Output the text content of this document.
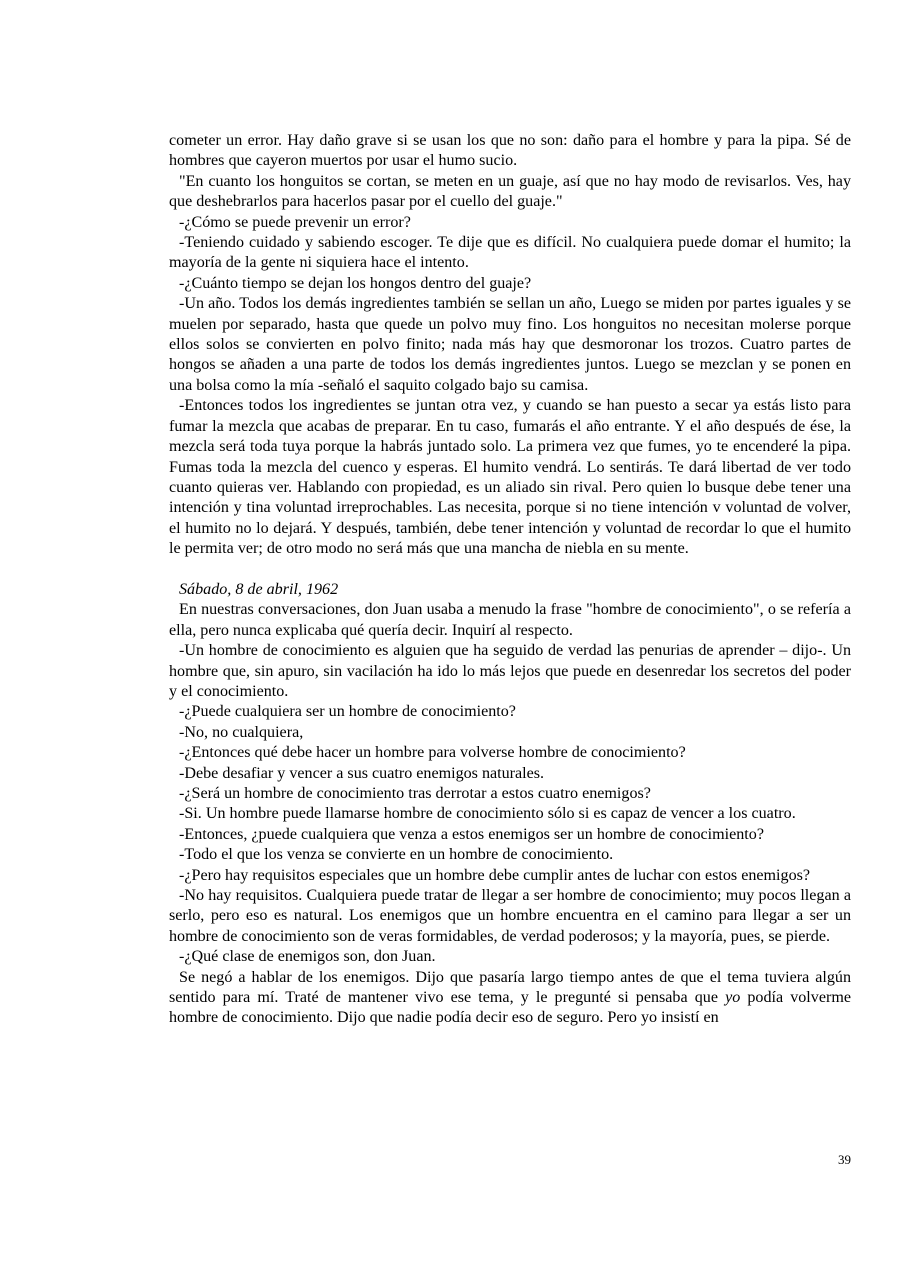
cometer un error. Hay daño grave si se usan los que no son: daño para el hombre y para la pipa. Sé de hombres que cayeron muertos por usar el humo sucio.

"En cuanto los honguitos se cortan, se meten en un guaje, así que no hay modo de revisarlos. Ves, hay que deshebrarlos para hacerlos pasar por el cuello del guaje."

-¿Cómo se puede prevenir un error?

-Teniendo cuidado y sabiendo escoger. Te dije que es difícil. No cualquiera puede domar el humito; la mayoría de la gente ni siquiera hace el intento.

-¿Cuánto tiempo se dejan los hongos dentro del guaje?

-Un año. Todos los demás ingredientes también se sellan un año, Luego se miden por partes iguales y se muelen por separado, hasta que quede un polvo muy fino. Los honguitos no necesitan molerse porque ellos solos se convierten en polvo finito; nada más hay que desmoronar los trozos. Cuatro partes de hongos se añaden a una parte de todos los demás ingredientes juntos. Luego se mezclan y se ponen en una bolsa como la mía -señaló el saquito colgado bajo su camisa.

-Entonces todos los ingredientes se juntan otra vez, y cuando se han puesto a secar ya estás listo para fumar la mezcla que acabas de preparar. En tu caso, fumarás el año entrante. Y el año después de ése, la mezcla será toda tuya porque la habrás juntado solo. La primera vez que fumes, yo te encenderé la pipa. Fumas toda la mezcla del cuenco y esperas. El humito vendrá. Lo sentirás. Te dará libertad de ver todo cuanto quieras ver. Hablando con propiedad, es un aliado sin rival. Pero quien lo busque debe tener una intención y tina voluntad irreprochables. Las necesita, porque si no tiene intención v voluntad de volver, el humito no lo dejará. Y después, también, debe tener intención y voluntad de recordar lo que el humito le permita ver; de otro modo no será más que una mancha de niebla en su mente.

Sábado, 8 de abril, 1962

En nuestras conversaciones, don Juan usaba a menudo la frase "hombre de conocimiento", o se refería a ella, pero nunca explicaba qué quería decir. Inquirí al respecto.

-Un hombre de conocimiento es alguien que ha seguido de verdad las penurias de aprender – dijo-. Un hombre que, sin apuro, sin vacilación ha ido lo más lejos que puede en desenredar los secretos del poder y el conocimiento.

-¿Puede cualquiera ser un hombre de conocimiento?

-No, no cualquiera,

-¿Entonces qué debe hacer un hombre para volverse hombre de conocimiento?

-Debe desafiar y vencer a sus cuatro enemigos naturales.

-¿Será un hombre de conocimiento tras derrotar a estos cuatro enemigos?

-Si. Un hombre puede llamarse hombre de conocimiento sólo si es capaz de vencer a los cuatro.

-Entonces, ¿puede cualquiera que venza a estos enemigos ser un hombre de conocimiento?

-Todo el que los venza se convierte en un hombre de conocimiento.

-¿Pero hay requisitos especiales que un hombre debe cumplir antes de luchar con estos enemigos?

-No hay requisitos. Cualquiera puede tratar de llegar a ser hombre de conocimiento; muy pocos llegan a serlo, pero eso es natural. Los enemigos que un hombre encuentra en el camino para llegar a ser un hombre de conocimiento son de veras formidables, de verdad poderosos; y la mayoría, pues, se pierde.

-¿Qué clase de enemigos son, don Juan.

Se negó a hablar de los enemigos. Dijo que pasaría largo tiempo antes de que el tema tuviera algún sentido para mí. Traté de mantener vivo ese tema, y le pregunté si pensaba que yo podía volverme hombre de conocimiento. Dijo que nadie podía decir eso de seguro. Pero yo insistí en

39
